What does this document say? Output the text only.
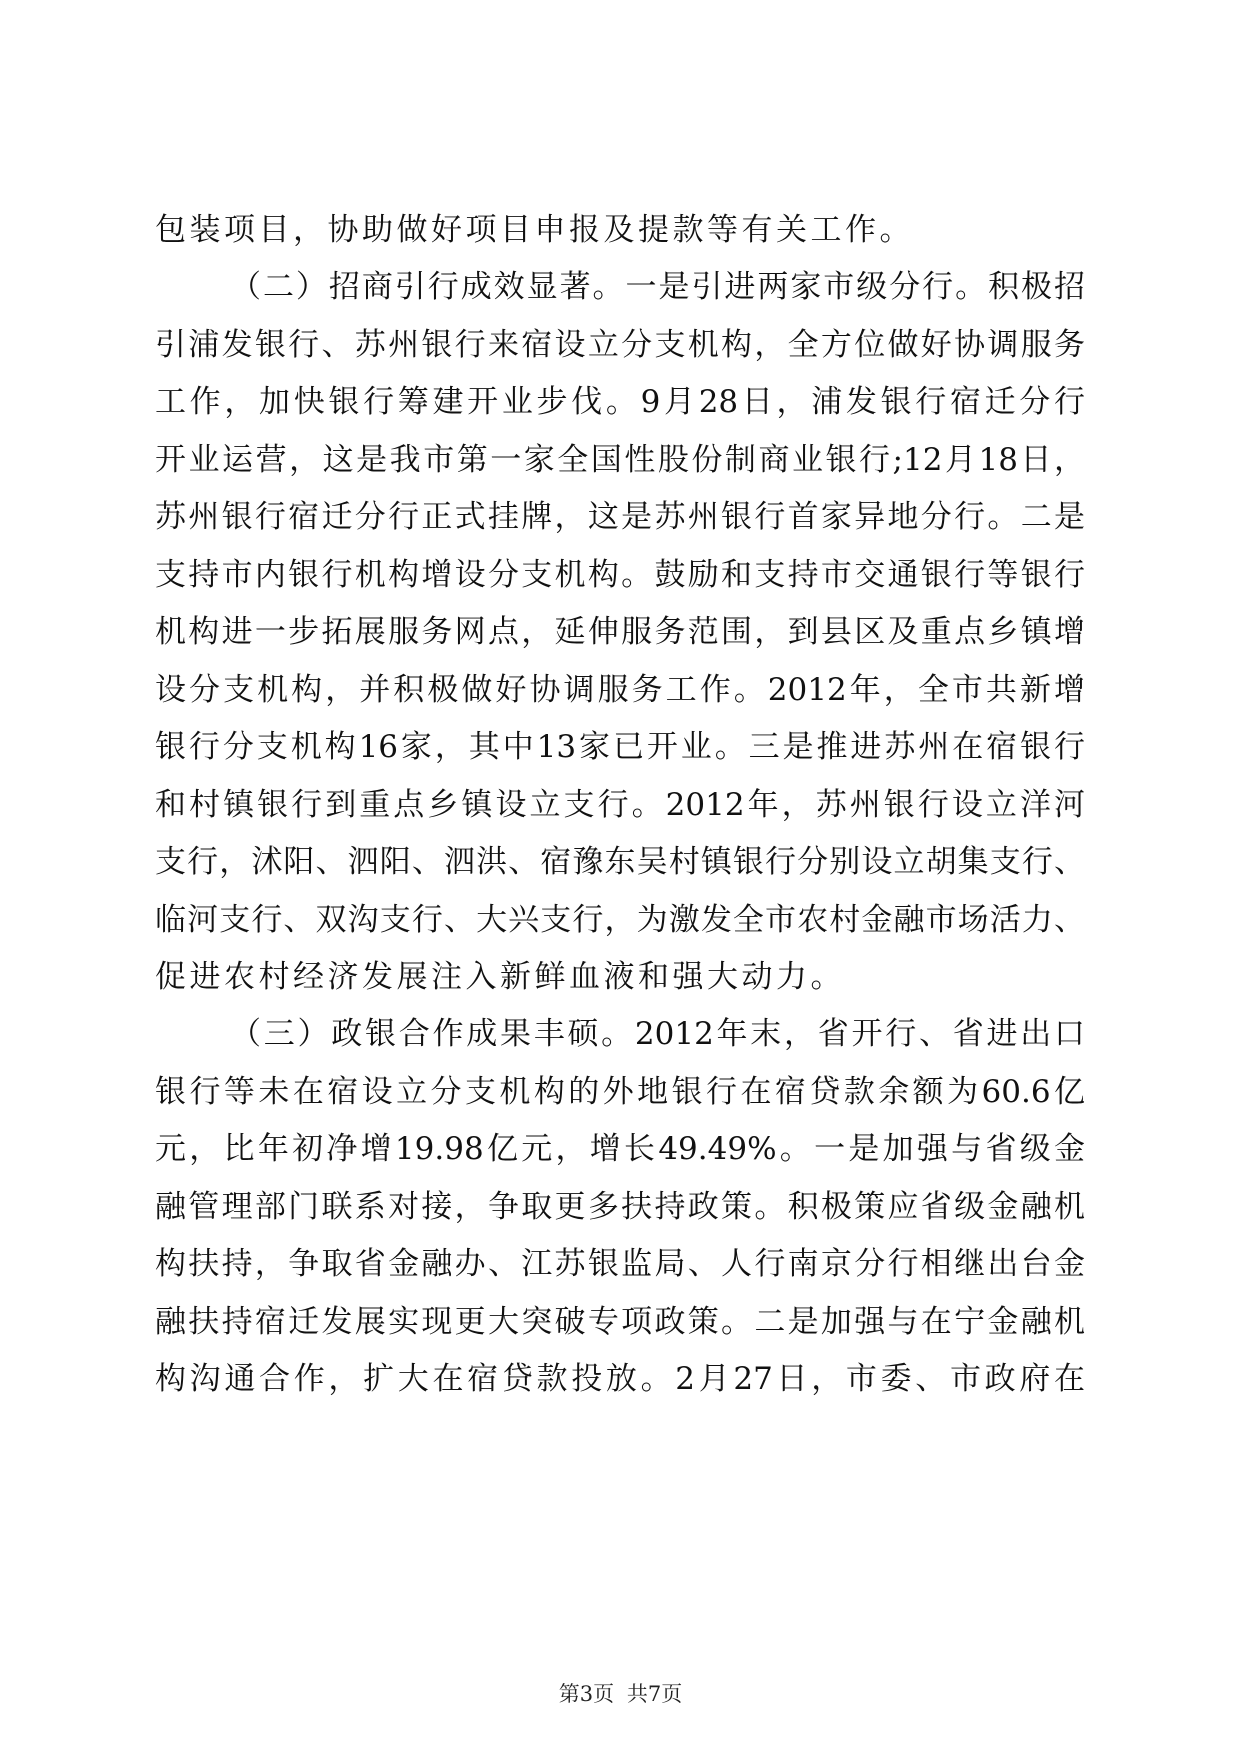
包装项目，协助做好项目申报及提款等有关工作。
（二）招商引行成效显著。一是引进两家市级分行。积极招
引浦发银行、苏州银行来宿设立分支机构，全方位做好协调服务
工作，加快银行筹建开业步伐。9月28日，浦发银行宿迁分行
开业运营，这是我市第一家全国性股份制商业银行;12月18日，
苏州银行宿迁分行正式挂牌，这是苏州银行首家异地分行。二是
支持市内银行机构增设分支机构。鼓励和支持市交通银行等银行
机构进一步拓展服务网点，延伸服务范围，到县区及重点乡镇增
设分支机构，并积极做好协调服务工作。2012年，全市共新增
银行分支机构16家，其中13家已开业。三是推进苏州在宿银行
和村镇银行到重点乡镇设立支行。2012年，苏州银行设立洋河
支行，沭阳、泗阳、泗洪、宿豫东吴村镇银行分别设立胡集支行、
临河支行、双沟支行、大兴支行，为激发全市农村金融市场活力、
促进农村经济发展注入新鲜血液和强大动力。
（三）政银合作成果丰硕。2012年末，省开行、省进出口
银行等未在宿设立分支机构的外地银行在宿贷款余额为60.6亿
元，比年初净增19.98亿元，增长49.49%。一是加强与省级金
融管理部门联系对接，争取更多扶持政策。积极策应省级金融机
构扶持，争取省金融办、江苏银监局、人行南京分行相继出台金
融扶持宿迁发展实现更大突破专项政策。二是加强与在宁金融机
构沟通合作，扩大在宿贷款投放。2月27日，市委、市政府在
第3页 共7页
